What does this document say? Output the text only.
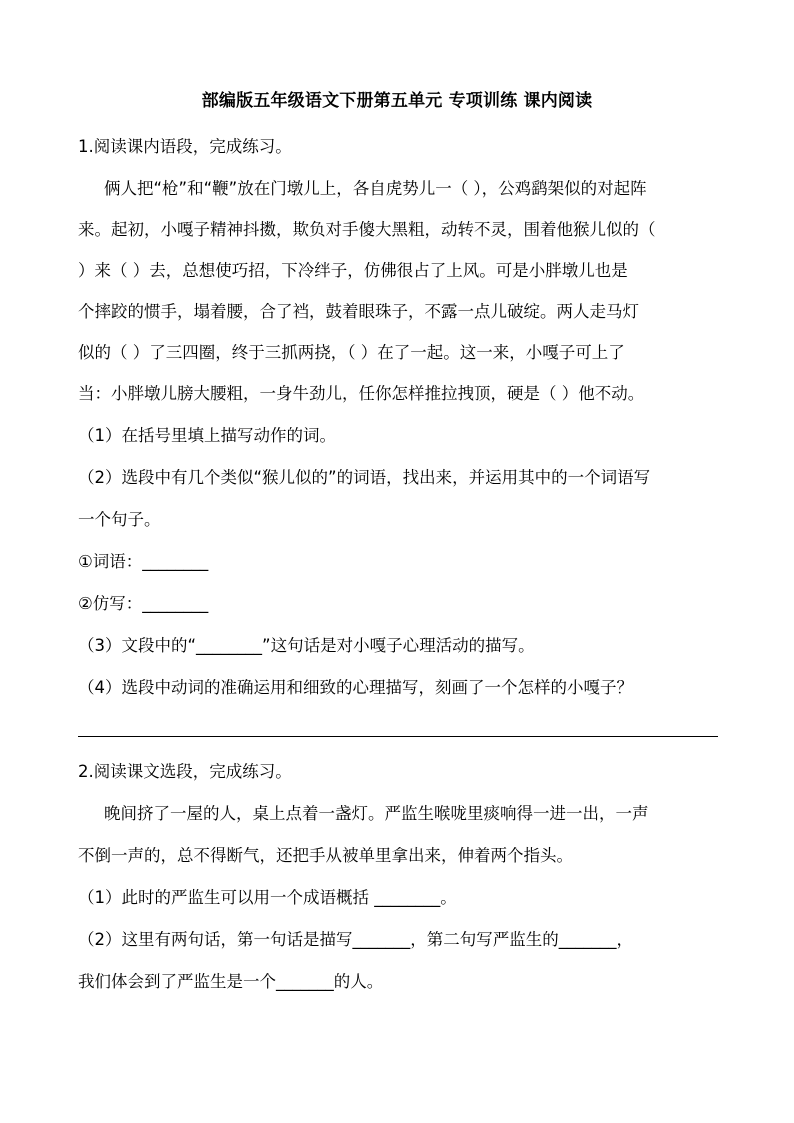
部编版五年级语文下册第五单元 专项训练 课内阅读
1.阅读课内语段，完成练习。
俩人把“枪”和“鞭”放在门墩儿上，各自虎势儿一（ ），公鸡鹞架似的对起阵
来。起初，小嘎子精神抖擞，欺负对手傻大黑粗，动转不灵，围着他猴儿似的（
）来（ ）去，总想使巧招，下冷绊子，仿佛很占了上风。可是小胖墩儿也是
个摔跤的惯手，塌着腰，合了裆，鼓着眼珠子，不露一点儿破绽。两人走马灯
似的（ ）了三四圈，终于三抓两挠，（ ）在了一起。这一来，小嘎子可上了
当：小胖墩儿膀大腰粗，一身牛劲儿，任你怎样推拉拽顶，硬是（ ）他不动。
（1）在括号里填上描写动作的词。
（2）选段中有几个类似“猴儿似的”的词语，找出来，并运用其中的一个词语写
一个句子。
①词语：________
②仿写：________
（3）文段中的“________”这句话是对小嘎子心理活动的描写。
（4）选段中动词的准确运用和细致的心理描写，刻画了一个怎样的小嘎子？
2.阅读课文选段，完成练习。
晚间挤了一屋的人，桌上点着一盏灯。严监生喉咙里痰响得一进一出，一声
不倒一声的，总不得断气，还把手从被单里拿出来，伸着两个指头。
（1）此时的严监生可以用一个成语概括 ________。
（2）这里有两句话，第一句话是描写_______，第二句写严监生的_______，
我们体会到了严监生是一个_______的人。
